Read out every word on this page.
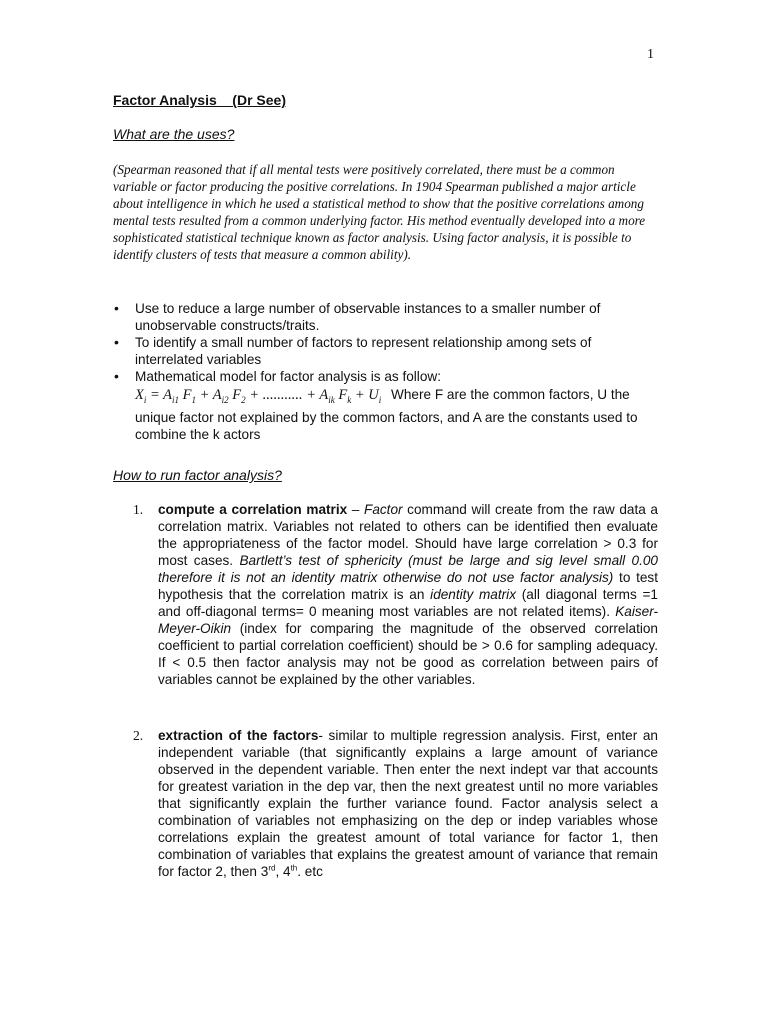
1
Factor Analysis    (Dr See)
What are the uses?
(Spearman reasoned that if all mental tests were positively correlated, there must be a common variable or factor producing the positive correlations. In 1904 Spearman published a major article about intelligence in which he used a statistical method to show that the positive correlations among mental tests resulted from a common underlying factor. His method eventually developed into a more sophisticated statistical technique known as factor analysis. Using factor analysis, it is possible to identify clusters of tests that measure a common ability).
• Use to reduce a large number of observable instances to a smaller number of unobservable constructs/traits.
• To identify a small number of factors to represent relationship among sets of interrelated variables
• Mathematical model for factor analysis is as follow:
$X_i = A_{i1}$ $F_1 + A_{i2}$ $F_2$ + ........... + $A_{ik}$ $F_k + U_i$ Where F are the common factors, U the unique factor not explained by the common factors, and A are the constants used to combine the k actors
How to run factor analysis?
1. compute a correlation matrix – Factor command will create from the raw data a correlation matrix. Variables not related to others can be identified then evaluate the appropriateness of the factor model. Should have large correlation > 0.3 for most cases. Bartlett’s test of sphericity (must be large and sig level small 0.00 therefore it is not an identity matrix otherwise do not use factor analysis) to test hypothesis that the correlation matrix is an identity matrix (all diagonal terms =1 and off-diagonal terms= 0 meaning most variables are not related items). Kaiser-Meyer-Oikin (index for comparing the magnitude of the observed correlation coefficient to partial correlation coefficient) should be > 0.6 for sampling adequacy. If < 0.5 then factor analysis may not be good as correlation between pairs of variables cannot be explained by the other variables.
2. extraction of the factors- similar to multiple regression analysis. First, enter an independent variable (that significantly explains a large amount of variance observed in the dependent variable. Then enter the next indept var that accounts for greatest variation in the dep var, then the next greatest until no more variables that significantly explain the further variance found. Factor analysis select a combination of variables not emphasizing on the dep or indep variables whose correlations explain the greatest amount of total variance for factor 1, then combination of variables that explains the greatest amount of variance that remain for factor 2, then 3rd, 4th. etc
